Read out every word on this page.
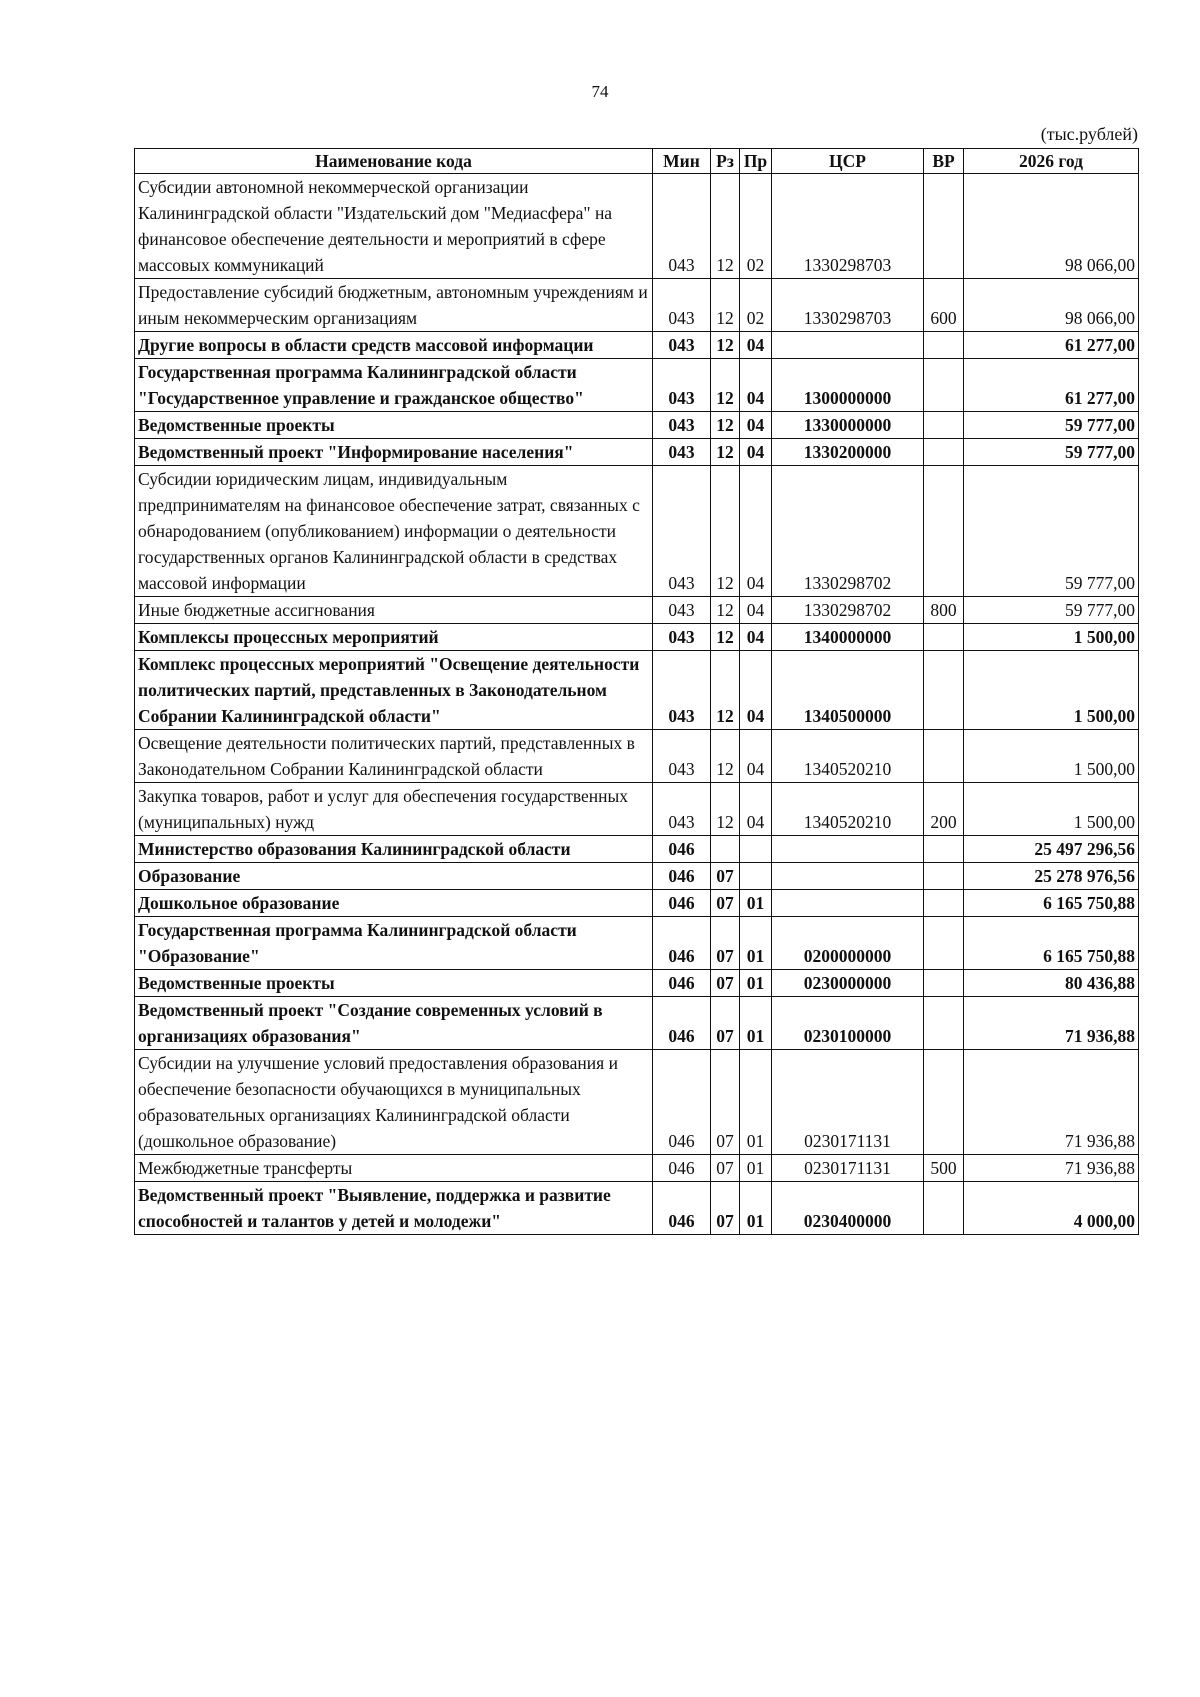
74
(тыс.рублей)
Наименование кода	Мин	Рз	Пр	ЦСР	ВР	2026 год
Субсидии автономной некоммерческой организации Калининградской области "Издательский дом "Медиасфера" на финансовое обеспечение деятельности и мероприятий в сфере массовых коммуникаций	043	12	02	1330298703		98 066,00
Предоставление субсидий бюджетным, автономным учреждениям и иным некоммерческим организациям	043	12	02	1330298703	600	98 066,00
Другие вопросы в области средств массовой информации	043	12	04			61 277,00
Государственная программа Калининградской области "Государственное управление и гражданское общество"	043	12	04	1300000000		61 277,00
Ведомственные проекты	043	12	04	1330000000		59 777,00
Ведомственный проект "Информирование населения"	043	12	04	1330200000		59 777,00
Субсидии юридическим лицам, индивидуальным предпринимателям на финансовое обеспечение затрат, связанных с обнародованием (опубликованием) информации о деятельности государственных органов Калининградской области в средствах массовой информации	043	12	04	1330298702		59 777,00
Иные бюджетные ассигнования	043	12	04	1330298702	800	59 777,00
Комплексы процессных мероприятий	043	12	04	1340000000		1 500,00
Комплекс процессных мероприятий "Освещение деятельности политических партий, представленных в Законодательном Собрании Калининградской области"	043	12	04	1340500000		1 500,00
Освещение деятельности политических партий, представленных в Законодательном Собрании Калининградской области	043	12	04	1340520210		1 500,00
Закупка товаров, работ и услуг для обеспечения государственных (муниципальных) нужд	043	12	04	1340520210	200	1 500,00
Министерство образования Калининградской области	046					25 497 296,56
Образование	046	07				25 278 976,56
Дошкольное образование	046	07	01			6 165 750,88
Государственная программа Калининградской области "Образование"	046	07	01	0200000000		6 165 750,88
Ведомственные проекты	046	07	01	0230000000		80 436,88
Ведомственный проект "Создание современных условий в организациях образования"	046	07	01	0230100000		71 936,88
Субсидии на улучшение условий предоставления образования и обеспечение безопасности обучающихся в муниципальных образовательных организациях Калининградской области (дошкольное образование)	046	07	01	0230171131		71 936,88
Межбюджетные трансферты	046	07	01	0230171131	500	71 936,88
Ведомственный проект "Выявление, поддержка и развитие способностей и талантов у детей и молодежи"	046	07	01	0230400000		4 000,00
